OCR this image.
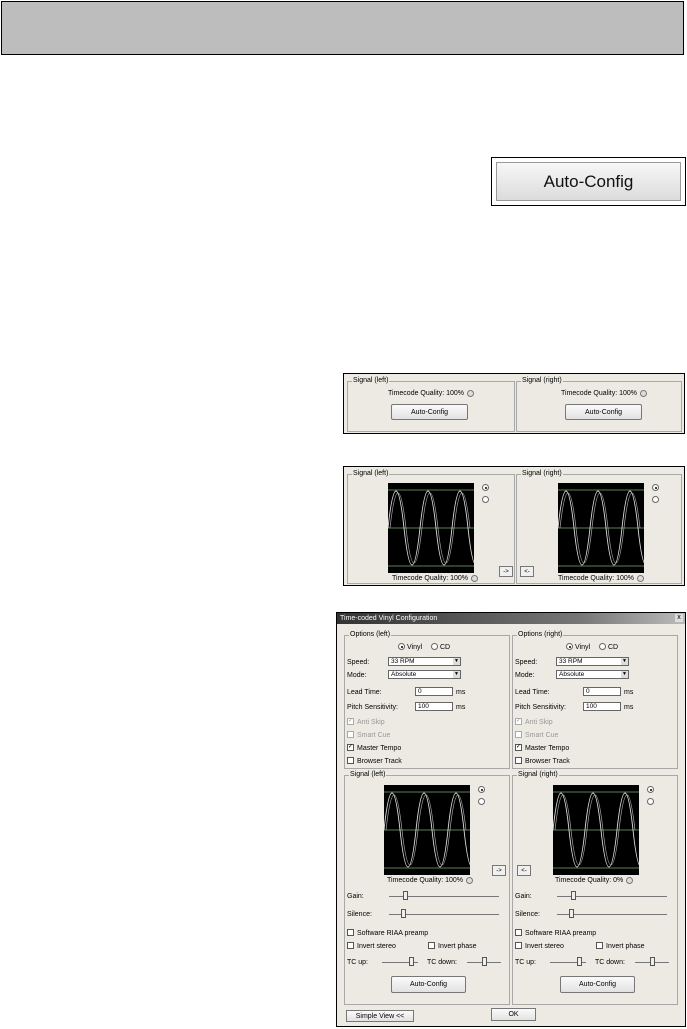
Auto-Config
Signal (left)
Timecode Quality: 100%
Auto-Config
Signal (right)
Timecode Quality: 100%
Auto-Config
Signal (left)
->
Timecode Quality: 100%
Signal (right)
<-
Timecode Quality: 100%
Time-coded Vinyl Configuration	x
Options (left)
Vinyl	CD
Speed:	33 RPM	▼
Mode:	Absolute	▼
Lead Time:	0	ms
Pitch Sensitivity:	100	ms
✓ Anti Skip
Smart Cue
✓ Master Tempo
Browser Track
Options (right)
Vinyl	CD
Speed:	33 RPM	▼
Mode:	Absolute	▼
Lead Time:	0	ms
Pitch Sensitivity:	100	ms
✓ Anti Skip
Smart Cue
✓ Master Tempo
Browser Track
Signal (left)
->
Timecode Quality: 100%
Gain:
Silence:
Software RIAA preamp
Invert stereo	Invert phase
TC up:	TC down:
Auto-Config
Signal (right)
<-
Timecode Quality: 0%
Gain:
Silence:
Software RIAA preamp
Invert stereo	Invert phase
TC up:	TC down:
Auto-Config
Simple View <<	OK
